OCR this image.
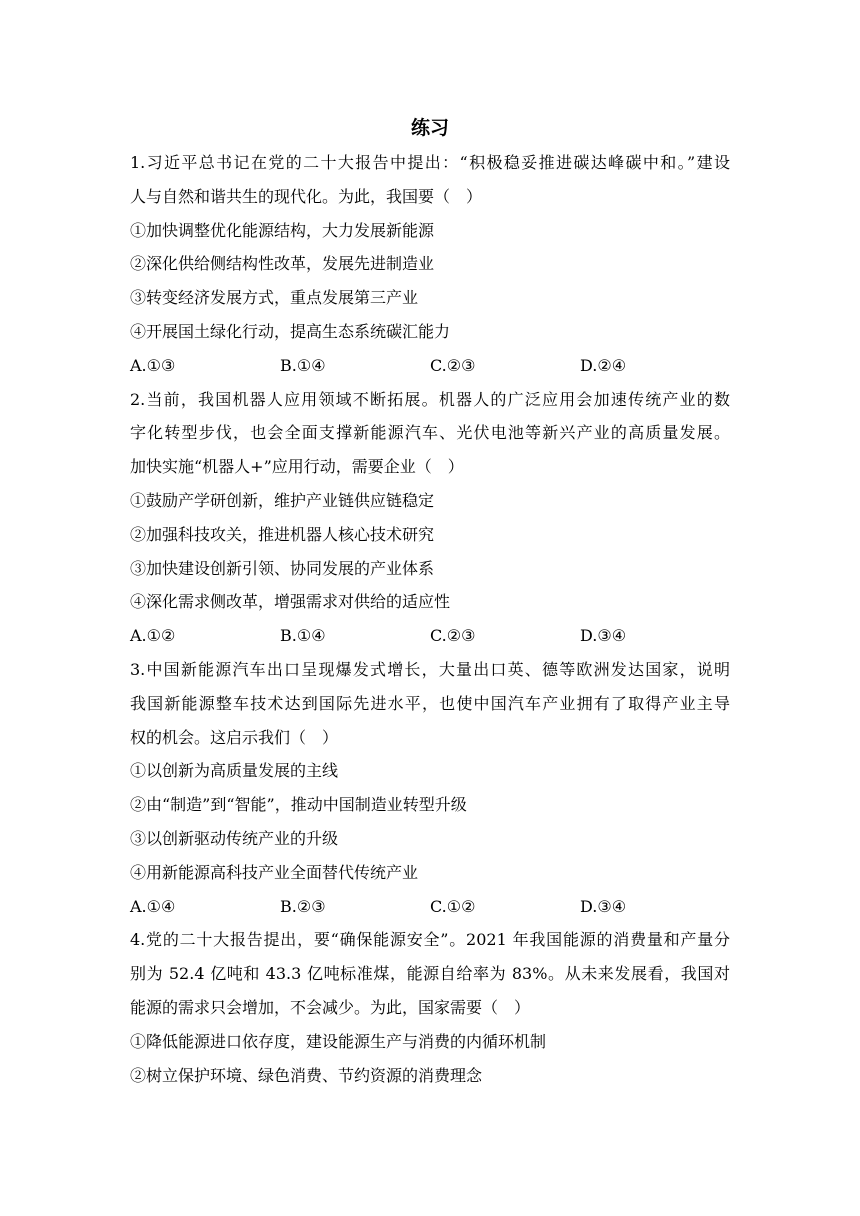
练习
1.习近平总书记在党的二十大报告中提出：“积极稳妥推进碳达峰碳中和。”建设
人与自然和谐共生的现代化。为此，我国要（　）
①加快调整优化能源结构，大力发展新能源
②深化供给侧结构性改革，发展先进制造业
③转变经济发展方式，重点发展第三产业
④开展国土绿化行动，提高生态系统碳汇能力
A.①③	B.①④	C.②③	D.②④
2.当前，我国机器人应用领域不断拓展。机器人的广泛应用会加速传统产业的数
字化转型步伐，也会全面支撑新能源汽车、光伏电池等新兴产业的高质量发展。
加快实施“机器人+”应用行动，需要企业（　）
①鼓励产学研创新，维护产业链供应链稳定
②加强科技攻关，推进机器人核心技术研究
③加快建设创新引领、协同发展的产业体系
④深化需求侧改革，增强需求对供给的适应性
A.①②	B.①④	C.②③	D.③④
3.中国新能源汽车出口呈现爆发式增长，大量出口英、德等欧洲发达国家，说明
我国新能源整车技术达到国际先进水平，也使中国汽车产业拥有了取得产业主导
权的机会。这启示我们（　）
①以创新为高质量发展的主线
②由“制造”到“智能”，推动中国制造业转型升级
③以创新驱动传统产业的升级
④用新能源高科技产业全面替代传统产业
A.①④	B.②③	C.①②	D.③④
4.党的二十大报告提出，要“确保能源安全”。2021 年我国能源的消费量和产量分
别为 52.4 亿吨和 43.3 亿吨标准煤，能源自给率为 83%。从未来发展看，我国对
能源的需求只会增加，不会减少。为此，国家需要（　）
①降低能源进口依存度，建设能源生产与消费的内循环机制
②树立保护环境、绿色消费、节约资源的消费理念
